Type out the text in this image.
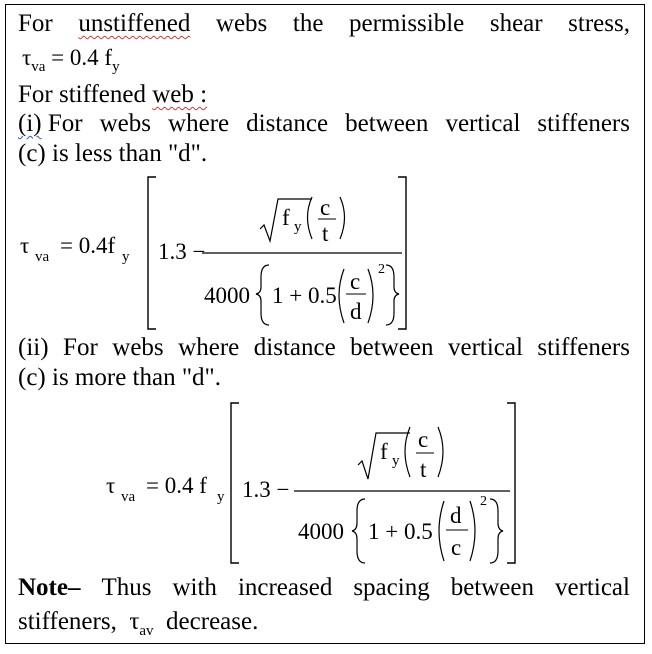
For unstiffened webs the permissible shear stress,
$\tau_{va} = 0.4$ $f_y$
For stiffened web :
(i) For webs where distance between vertical stiffeners
(c) is less than "d".
τ va = 0.4f y 1.3 −
f y
c
t
4000 1 + 0.5
c
d
2
(ii) For webs where distance between vertical stiffeners
(c) is more than "d".
τ va = 0.4 f y 1.3 −
f y
c
t
4000 1 + 0.5
d
c
2
Note– Thus with increased spacing between vertical
stiffeners, $\tau_{av}$ decrease.
